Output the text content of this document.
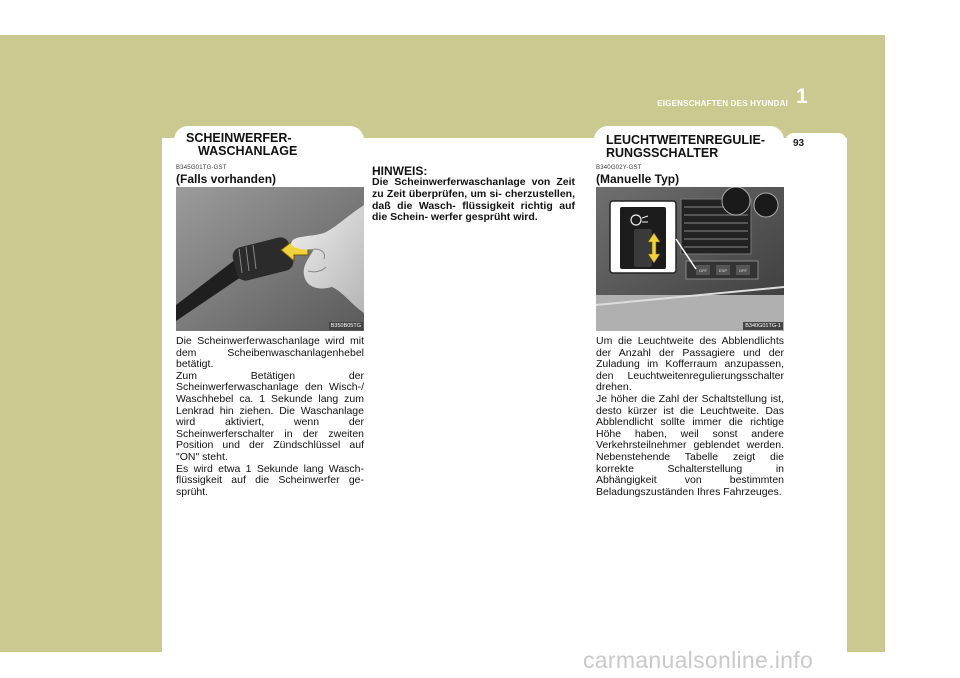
EIGENSCHAFTEN DES HYUNDAI 1
93
SCHEINWERFER-
WASCHANLAGE
B345G01TG-GST
(Falls vorhanden)
B350B05TG

Die Scheinwerferwaschanlage wird mit dem Scheibenwaschanlagenhebel betätigt.

Zum Betätigen der Scheinwerferwaschanlage den Wisch-/ Waschhebel ca. 1 Sekunde lang zum Lenkrad hin ziehen. Die Waschanlage wird aktiviert, wenn der Scheinwerferschalter in der zweiten Position und der Zündschlüssel auf "ON" steht.

Es wird etwa 1 Sekunde lang Wasch- flüssigkeit auf die Scheinwerfer ge- sprüht.

HINWEIS:
Die Scheinwerferwaschanlage von Zeit zu Zeit überprüfen, um si- cherzustellen, daß die Wasch- flüssigkeit richtig auf die Schein- werfer gesprüht wird.
LEUCHTWEITENREGULIE-
RUNGSSCHALTER
B340G02Y-GST
(Manuelle Typ)
OFF	ESP	OFF
B340G01TG-1

Um die Leuchtweite des Abblendlichts der Anzahl der Passagiere und der Zuladung im Kofferraum anzupassen, den Leuchtweitenregulierungsschalter drehen.

Je höher die Zahl der Schaltstellung ist, desto kürzer ist die Leuchtweite. Das Abblendlicht sollte immer die richtige Höhe haben, weil sonst andere Verkehrsteilnehmer geblendet werden. Nebenstehende Tabelle zeigt die korrekte Schalterstellung in Abhängigkeit von bestimmten Beladungszuständen Ihres Fahrzeuges.

carmanualsonline.info
